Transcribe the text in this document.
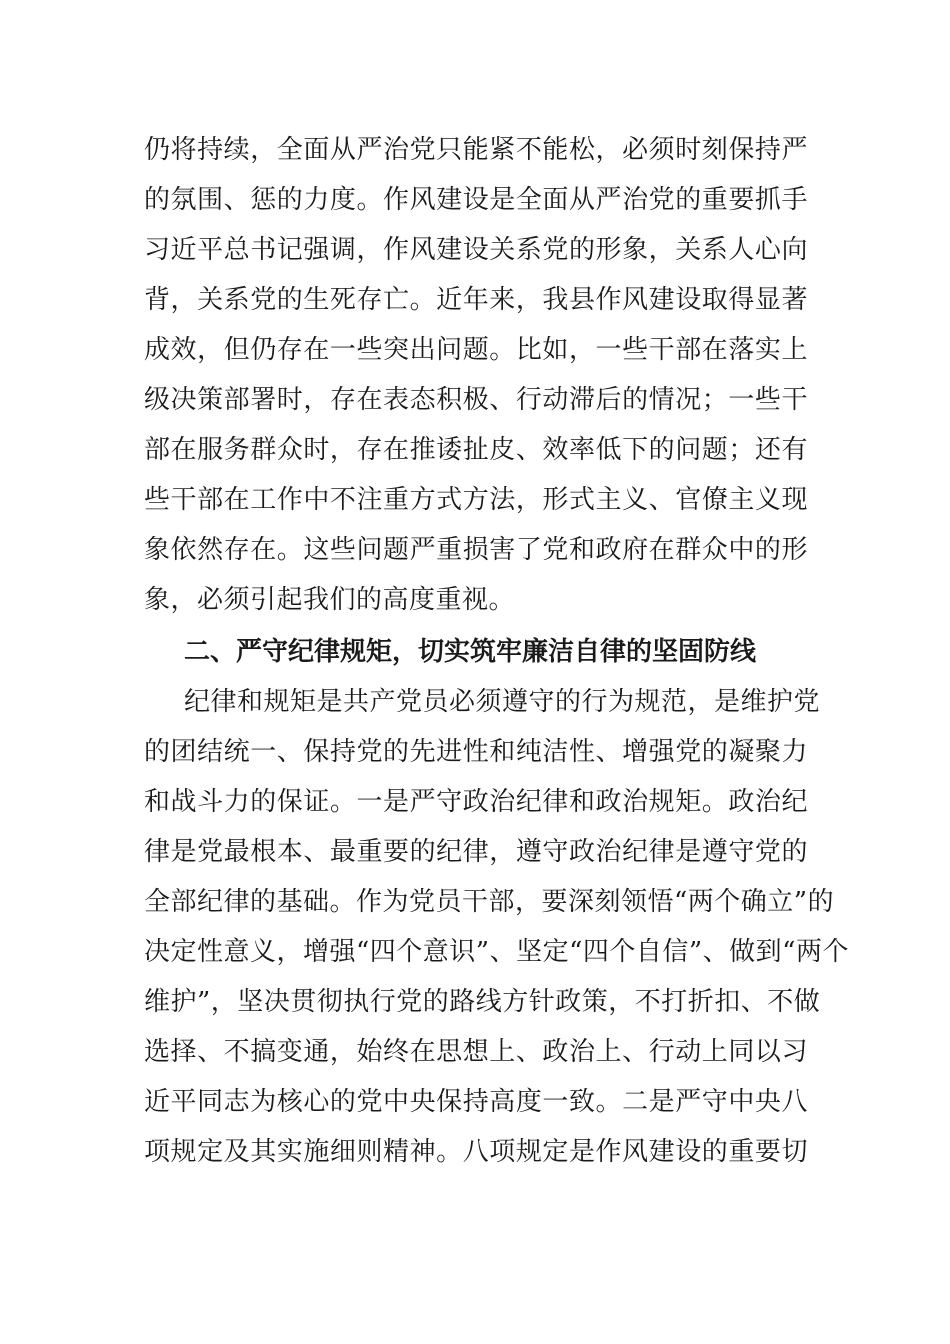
仍将持续，全面从严治党只能紧不能松，必须时刻保持严
的氛围、惩的力度。作风建设是全面从严治党的重要抓手
习近平总书记强调，作风建设关系党的形象，关系人心向
背，关系党的生死存亡。近年来，我县作风建设取得显著
成效，但仍存在一些突出问题。比如，一些干部在落实上
级决策部署时，存在表态积极、行动滞后的情况；一些干
部在服务群众时，存在推诿扯皮、效率低下的问题；还有
些干部在工作中不注重方式方法，形式主义、官僚主义现
象依然存在。这些问题严重损害了党和政府在群众中的形
象，必须引起我们的高度重视。
二、严守纪律规矩，切实筑牢廉洁自律的坚固防线
纪律和规矩是共产党员必须遵守的行为规范，是维护党
的团结统一、保持党的先进性和纯洁性、增强党的凝聚力
和战斗力的保证。一是严守政治纪律和政治规矩。政治纪
律是党最根本、最重要的纪律，遵守政治纪律是遵守党的
全部纪律的基础。作为党员干部，要深刻领悟“两个确立”的
决定性意义，增强“四个意识”、坚定“四个自信”、做到“两个
维护”，坚决贯彻执行党的路线方针政策，不打折扣、不做
选择、不搞变通，始终在思想上、政治上、行动上同以习
近平同志为核心的党中央保持高度一致。二是严守中央八
项规定及其实施细则精神。八项规定是作风建设的重要切
